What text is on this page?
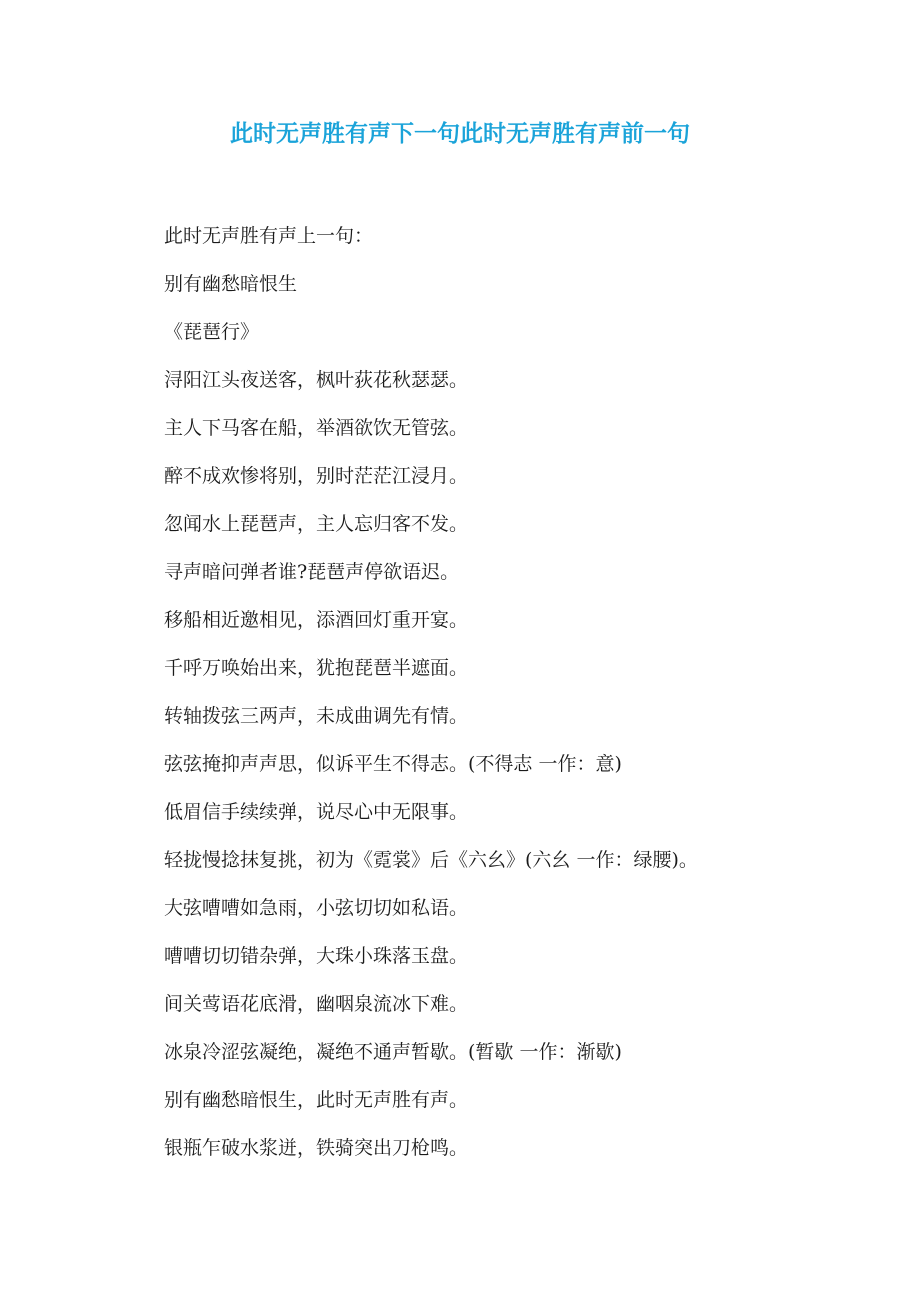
此时无声胜有声下一句此时无声胜有声前一句

此时无声胜有声上一句：

别有幽愁暗恨生

《琵琶行》

浔阳江头夜送客，枫叶荻花秋瑟瑟。

主人下马客在船，举酒欲饮无管弦。

醉不成欢惨将别，别时茫茫江浸月。

忽闻水上琵琶声，主人忘归客不发。

寻声暗问弹者谁?琵琶声停欲语迟。

移船相近邀相见，添酒回灯重开宴。

千呼万唤始出来，犹抱琵琶半遮面。

转轴拨弦三两声，未成曲调先有情。

弦弦掩抑声声思，似诉平生不得志。(不得志 一作：意)

低眉信手续续弹，说尽心中无限事。

轻拢慢捻抹复挑，初为《霓裳》后《六幺》(六幺 一作：绿腰)。

大弦嘈嘈如急雨，小弦切切如私语。

嘈嘈切切错杂弹，大珠小珠落玉盘。

间关莺语花底滑，幽咽泉流冰下难。

冰泉冷涩弦凝绝，凝绝不通声暂歇。(暂歇 一作：渐歇)

别有幽愁暗恨生，此时无声胜有声。

银瓶乍破水浆迸，铁骑突出刀枪鸣。
